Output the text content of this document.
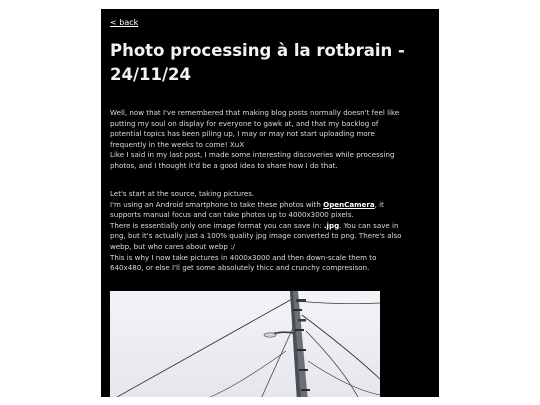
< back
Photo processing à la rotbrain -
24/11/24

Well, now that I've remembered that making blog posts normally doesn't feel like
putting my soul on display for everyone to gawk at, and that my backlog of
potential topics has been piling up, I may or may not start uploading more
frequently in the weeks to come! XuX
Like I said in my last post, I made some interesting discoveries while processing
photos, and I thought it'd be a good idea to share how I do that.

Let's start at the source, taking pictures.
I'm using an Android smartphone to take these photos with OpenCamera, it
supports manual focus and can take photos up to 4000x3000 pixels.
There is essentially only one image format you can save in: .jpg. You can save in
png, but it's actually just a 100% quality jpg image converted to png. There's also
webp, but who cares about webp :/
This is why I now take pictures in 4000x3000 and then down-scale them to
640x480, or else I'll get some absolutely thicc and crunchy compresison.
